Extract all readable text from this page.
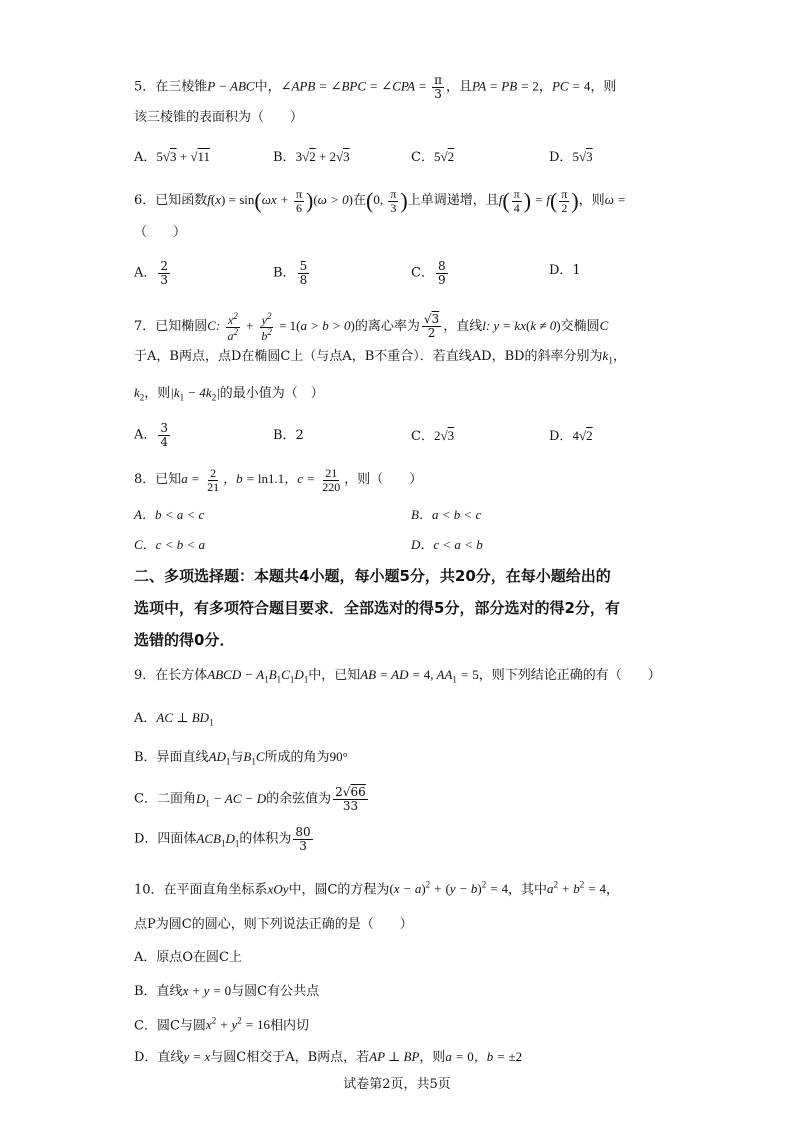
5．在三棱锥P − ABC中，∠APB = ∠BPC = ∠CPA = $\frac{\pi}{3}$ ，且PA = PB = 2，PC = 4，则
该三棱锥的表面积为（　　）
A．5√3 + √11	B．3√2 + 2√3	C．5√2	D．5√3
6．已知函数$f(x) = \sin(\omega x + \frac{\pi}{6} )(\omega > 0)$在(0, $\frac{\pi}{3}$ )上单调递增，且$f( \frac{\pi}{4}$ ) = $f( \frac{\pi}{2}$ )，则ω =
（　　）
A． $\frac{2}{3}$	B． $\frac{5}{8}$	C． $\frac{8}{9}$	D．1
7．已知椭圆C: $\frac{x^2}{a^2} + \frac{y^2}{b^2} = 1(a > b > 0)$的离心率为 $\frac{√3}{2}$ ，直线l: y = kx(k ≠ 0)交椭圆C
于A，B两点，点D在椭圆C上（与点A，B不重合）．若直线AD，BD的斜率分别为$k_1$，
$k_2$，则$|k_1 - 4k_2|$的最小值为（　）
A． $\frac{3}{4}$	B．2	C．2√3	D．4√2
8．已知$a = \frac{2}{21}$ ，b = ln1.1，$c = \frac{21}{220}$ ，则（　　）
A．b < a < c	B．a < b < c
C．c < b < a	D．c < a < b
二、多项选择题：本题共4小题，每小题5分，共20分，在每小题给出的
选项中，有多项符合题目要求．全部选对的得5分，部分选对的得2分，有
选错的得0分．
9．在长方体ABCD − $A_1B_1C_1D_1$中，已知AB = AD = 4, $AA_1 = 5$，则下列结论正确的有（　　）
A．AC ⊥ $BD_1$
B．异面直线$AD_1$与$B_1C$所成的角为90°
C．二面角$D_1$ − AC − D的余弦值为 $\frac{2√66}{33}$
D．四面体$ACB_1D_1$的体积为 $\frac{80}{3}$
10．在平面直角坐标系xOy中，圆C的方程为$(x - a)^2 + (y - b)^2 = 4$，其中$a^2 + b^2 = 4$，
点P为圆C的圆心，则下列说法正确的是（　　）
A．原点O在圆C上
B．直线x + y = 0与圆C有公共点
C．圆C与圆$x^2 + y^2 = 16$相内切
D．直线y = x与圆C相交于A，B两点，若AP ⊥ BP，则a = 0，b = ±2
试卷第2页，共5页
